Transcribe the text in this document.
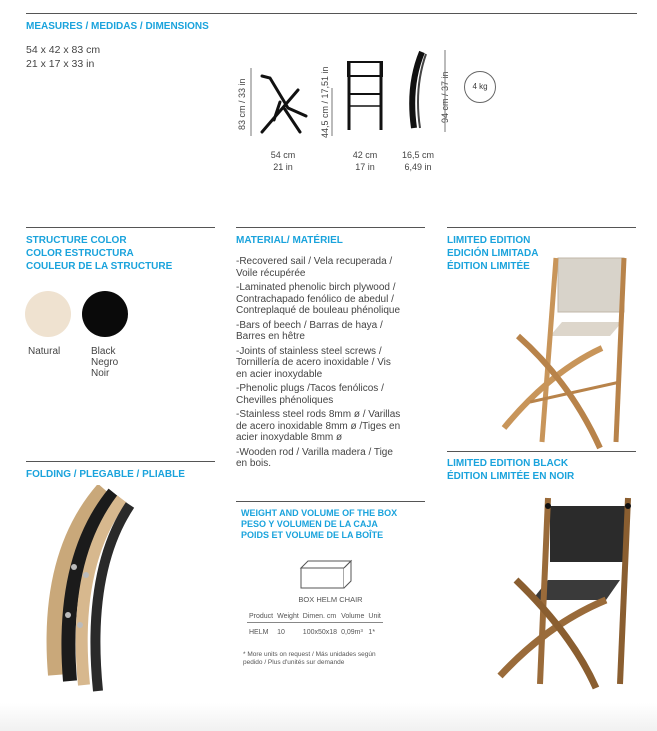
MEASURES / MEDIDAS / DIMENSIONS
54 x 42 x 83 cm
21 x 17 x 33 in
83 cm / 33 in	44,5 cm / 17,51 in	94 cm / 37 in	4 kg
54 cm
21 in
42 cm
17 in
16,5 cm
6,49 in
STRUCTURE COLOR
COLOR ESTRUCTURA
COULEUR DE LA STRUCTURE
Natural	Black
Negro
Noir
FOLDING / PLEGABLE / PLIABLE
MATERIAL/ MATÉRIEL
-Recovered sail / Vela recuperada /
Voile récupérée
-Laminated phenolic birch plywood /
Contrachapado fenólico de abedul /
Contreplaqué de bouleau phénolique
-Bars of beech / Barras de haya /
Barres en hêtre
-Joints of stainless steel screws /
Tornillería de acero inoxidable / Vis
en acier inoxydable
-Phenolic plugs /Tacos fenólicos /
Chevilles phénoliques
-Stainless steel rods 8mm ø / Varillas
de acero inoxidable 8mm ø /Tiges en
acier inoxydable 8mm ø
-Wooden rod / Varilla madera / Tige
en bois.
WEIGHT AND VOLUME OF THE BOX
PESO Y VOLUMEN DE LA CAJA
POIDS ET VOLUME DE LA BOÎTE
BOX HELM CHAIR
Product	Weight	Dimen. cm	Volume	Unit
HELM	10	100x50x18	0,09m³	1*
* More units on request / Más unidades según
pedido / Plus d'unités sur demande
LIMITED EDITION
EDICIÓN LIMITADA
ÉDITION LIMITÉE
LIMITED EDITION BLACK
ÉDITION LIMITÉE EN NOIR
